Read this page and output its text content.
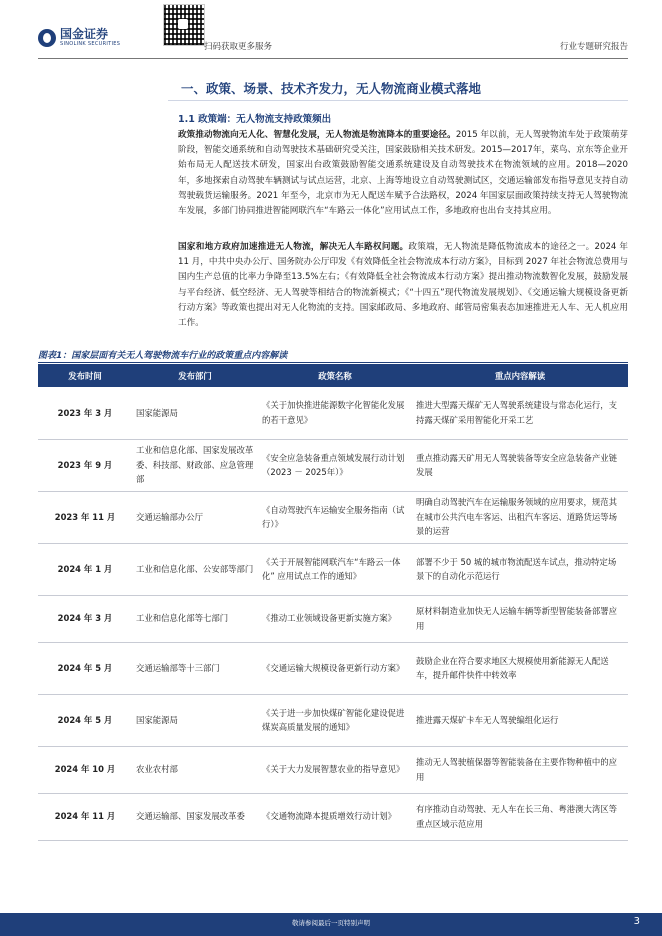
国金证券
SINOLINK SECURITIES	扫码获取更多服务	行业专题研究报告
一、政策、场景、技术齐发力，无人物流商业模式落地
1.1 政策端：无人物流支持政策频出
政策推动物流向无人化、智慧化发展，无人物流是物流降本的重要途径。2015 年以前，无人驾驶物流车处于政策萌芽阶段，智能交通系统和自动驾驶技术基础研究受关注，国家鼓励相关技术研发。2015—2017年，菜鸟、京东等企业开始布局无人配送技术研发，国家出台政策鼓励智能交通系统建设及自动驾驶技术在物流领域的应用。2018—2020 年，多地探索自动驾驶车辆测试与试点运营，北京、上海等地设立自动驾驶测试区，交通运输部发布指导意见支持自动驾驶载货运输服务。2021 年至今，北京市为无人配送车赋予合法路权，2024 年国家层面政策持续支持无人驾驶物流车发展，多部门协同推进智能网联汽车“车路云一体化”应用试点工作，多地政府也出台支持其应用。
国家和地方政府加速推进无人物流，解决无人车路权问题。政策端，无人物流是降低物流成本的途径之一。2024 年 11 月，中共中央办公厅、国务院办公厅印发《有效降低全社会物流成本行动方案》，目标到 2027 年社会物流总费用与国内生产总值的比率力争降至13.5%左右；《有效降低全社会物流成本行动方案》提出推动物流数智化发展，鼓励发展与平台经济、低空经济、无人驾驶等相结合的物流新模式；《“十四五”现代物流发展规划》、《交通运输大规模设备更新行动方案》等政策也提出对无人化物流的支持。国家邮政局、多地政府、邮管局密集表态加速推进无人车、无人机应用工作。
图表1：国家层面有关无人驾驶物流车行业的政策重点内容解读
发布时间	发布部门	政策名称	重点内容解读
2023 年 3 月	国家能源局	《关于加快推进能源数字化智能化发展的若干意见》	推进大型露天煤矿无人驾驶系统建设与常态化运行，支持露天煤矿采用智能化开采工艺
2023 年 9 月	工业和信息化部、国家发展改革委、科技部、财政部、应急管理部	《安全应急装备重点领域发展行动计划（2023 － 2025年）》	重点推动露天矿用无人驾驶装备等安全应急装备产业链发展
2023 年 11 月	交通运输部办公厅	《自动驾驶汽车运输安全服务指南（试行）》	明确自动驾驶汽车在运输服务领域的应用要求，规范其在城市公共汽电车客运、出租汽车客运、道路货运等场景的运营
2024 年 1 月	工业和信息化部、公安部等部门	《关于开展智能网联汽车“车路云一体化” 应用试点工作的通知》	部署不少于 50 城的城市物流配送车试点，推动特定场景下的自动化示范运行
2024 年 3 月	工业和信息化部等七部门	《推动工业领域设备更新实施方案》	原材料制造业加快无人运输车辆等新型智能装备部署应用
2024 年 5 月	交通运输部等十三部门	《交通运输大规模设备更新行动方案》	鼓励企业在符合要求地区大规模使用新能源无人配送车，提升邮件快件中转效率
2024 年 5 月	国家能源局	《关于进一步加快煤矿智能化建设促进煤炭高质量发展的通知》	推进露天煤矿卡车无人驾驶编组化运行
2024 年 10 月	农业农村部	《关于大力发展智慧农业的指导意见》	推动无人驾驶植保器等智能装备在主要作物种植中的应用
2024 年 11 月	交通运输部、国家发展改革委	《交通物流降本提质增效行动计划》	有序推动自动驾驶、无人车在长三角、粤港澳大湾区等重点区域示范应用
敬请参阅最后一页特别声明	3
